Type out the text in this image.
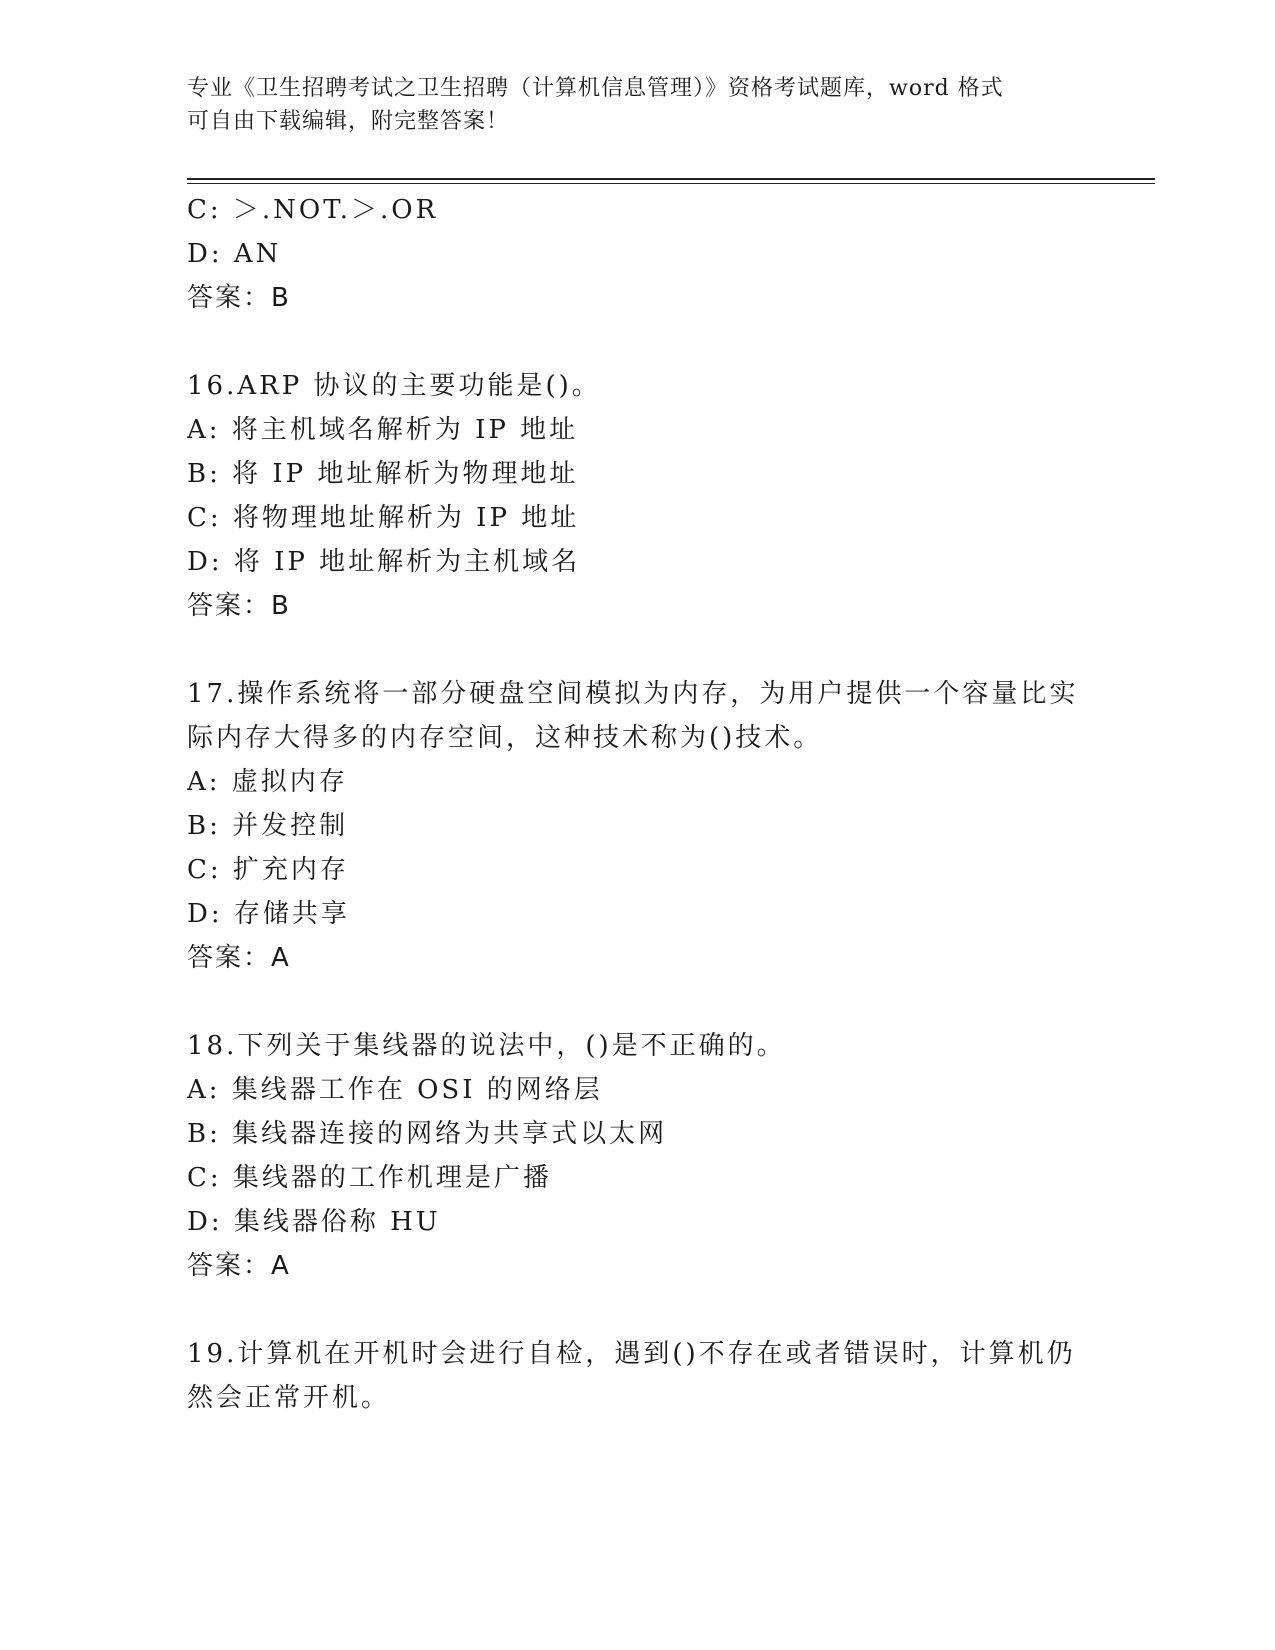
专业《卫生招聘考试之卫生招聘（计算机信息管理）》资格考试题库，word 格式
可自由下载编辑，附完整答案！
C: ＞.NOT.＞.OR
D: AN
答案：B
16.ARP 协议的主要功能是()。
A: 将主机域名解析为 IP 地址
B: 将 IP 地址解析为物理地址
C: 将物理地址解析为 IP 地址
D: 将 IP 地址解析为主机域名
答案：B
17.操作系统将一部分硬盘空间模拟为内存，为用户提供一个容量比实
际内存大得多的内存空间，这种技术称为()技术。
A: 虚拟内存
B: 并发控制
C: 扩充内存
D: 存储共享
答案：A
18.下列关于集线器的说法中，()是不正确的。
A: 集线器工作在 OSI 的网络层
B: 集线器连接的网络为共享式以太网
C: 集线器的工作机理是广播
D: 集线器俗称 HU
答案：A
19.计算机在开机时会进行自检，遇到()不存在或者错误时，计算机仍
然会正常开机。
